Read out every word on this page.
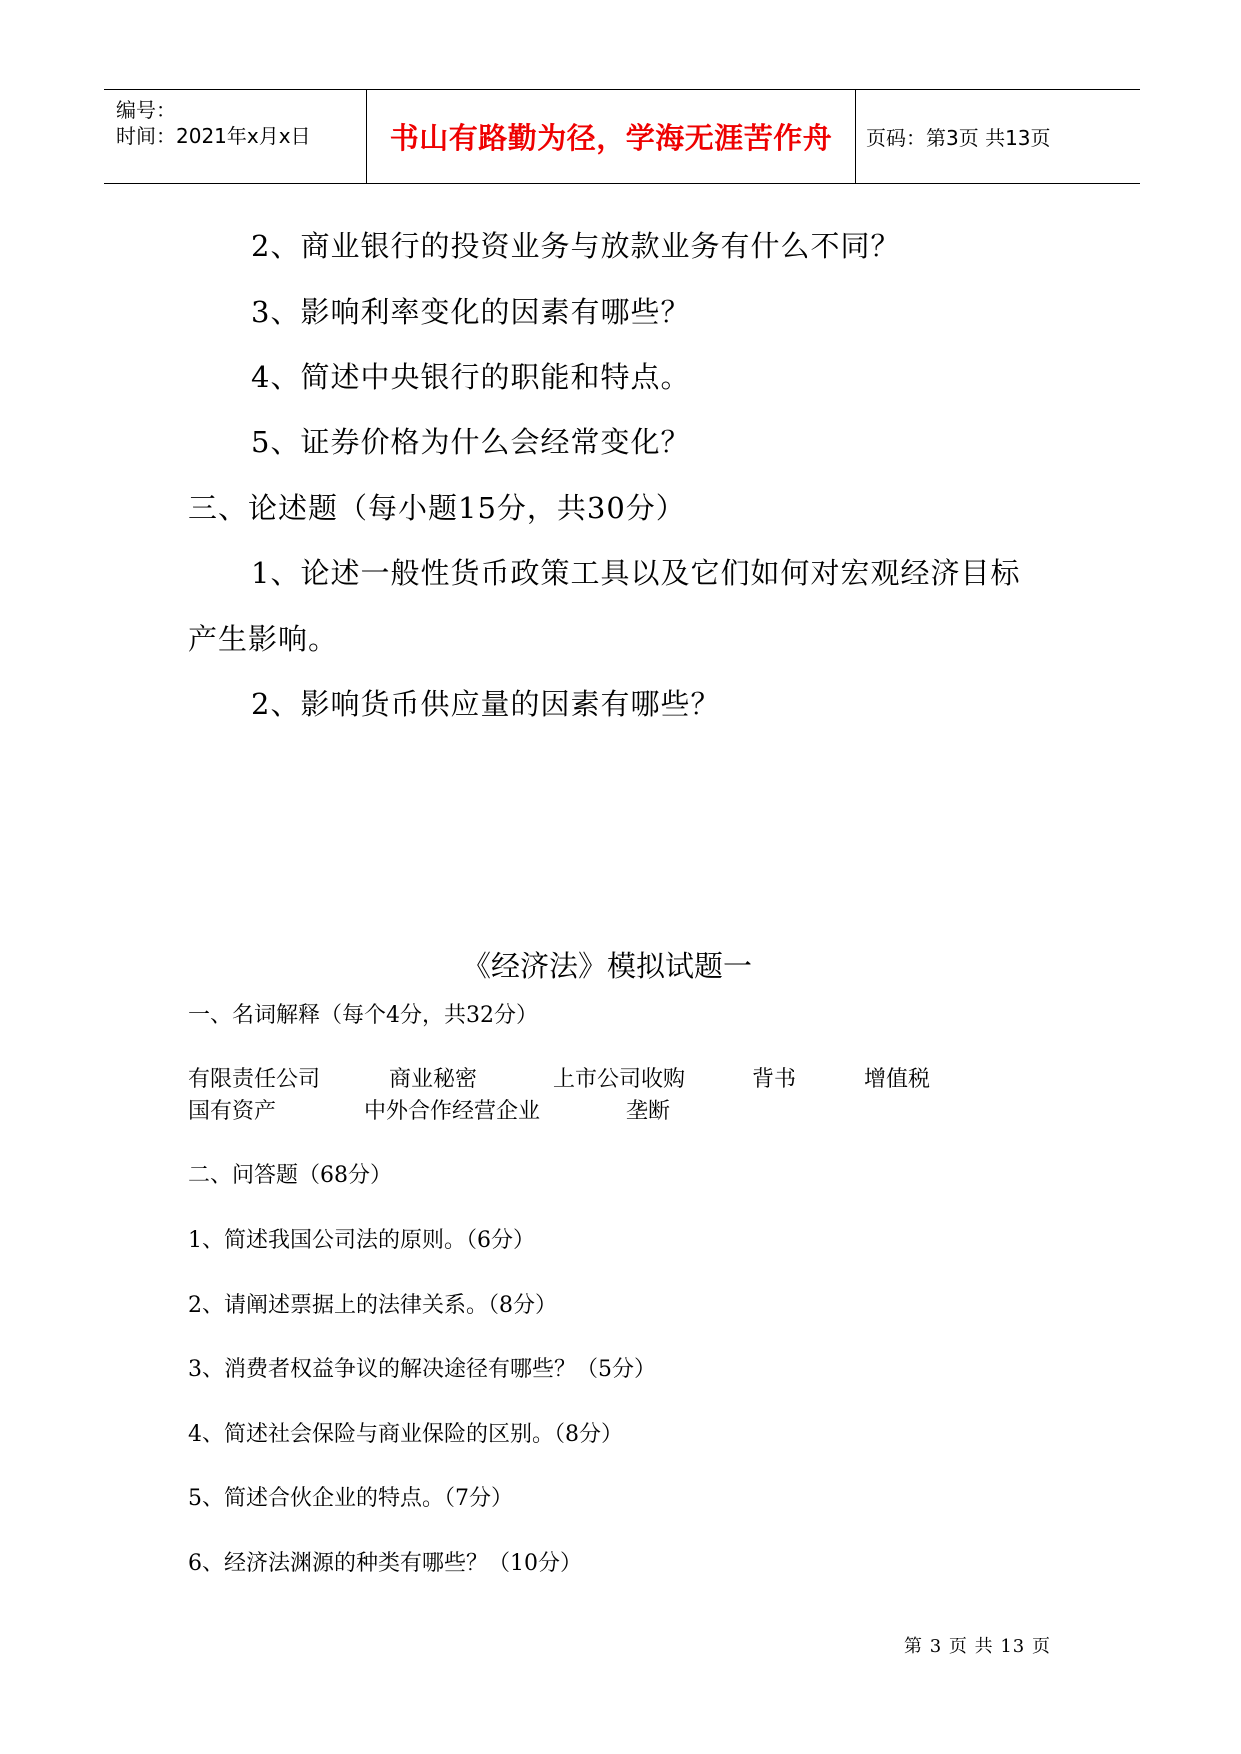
编号：
时间：2021年x月x日	书山有路勤为径，学海无涯苦作舟 页码：第3页 共13页
2、商业银行的投资业务与放款业务有什么不同？
3、影响利率变化的因素有哪些？
4、简述中央银行的职能和特点。
5、证券价格为什么会经常变化？
三、论述题（每小题15分，共30分）
1、论述一般性货币政策工具以及它们如何对宏观经济目标
产生影响。
2、影响货币供应量的因素有哪些？
《经济法》模拟试题一
一、名词解释（每个4分，共32分）
有限责任公司	商业秘密	上市公司收购	背书	增值税
国有资产	中外合作经营企业	垄断
二、问答题（68分）
1、简述我国公司法的原则。（6分）
2、请阐述票据上的法律关系。（8分）
3、消费者权益争议的解决途径有哪些？（5分）
4、简述社会保险与商业保险的区别。（8分）
5、简述合伙企业的特点。（7分）
6、经济法渊源的种类有哪些？（10分）
第 3 页 共 13 页
